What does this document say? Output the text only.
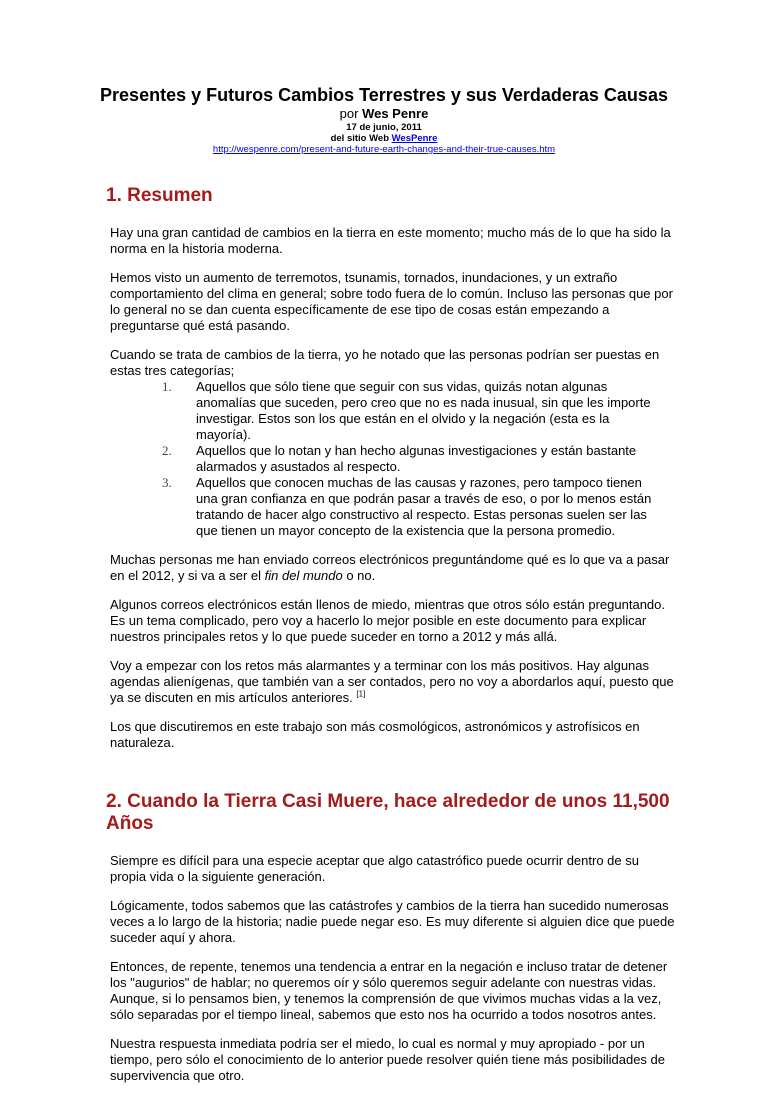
Presentes y Futuros Cambios Terrestres y sus Verdaderas Causas
por Wes Penre
17 de junio, 2011
del sitio Web WesPenre
http://wespenre.com/present-and-future-earth-changes-and-their-true-causes.htm
1. Resumen

Hay una gran cantidad de cambios en la tierra en este momento; mucho más de lo que ha sido la norma en la historia moderna.

Hemos visto un aumento de terremotos, tsunamis, tornados, inundaciones, y un extraño comportamiento del clima en general; sobre todo fuera de lo común. Incluso las personas que por lo general no se dan cuenta específicamente de ese tipo de cosas están empezando a preguntarse qué está pasando.

Cuando se trata de cambios de la tierra, yo he notado que las personas podrían ser puestas en estas tres categorías;
1. Aquellos que sólo tiene que seguir con sus vidas, quizás notan algunas anomalías que suceden, pero creo que no es nada inusual, sin que les importe investigar. Estos son los que están en el olvido y la negación (esta es la mayoría).
2. Aquellos que lo notan y han hecho algunas investigaciones y están bastante alarmados y asustados al respecto.
3. Aquellos que conocen muchas de las causas y razones, pero tampoco tienen una gran confianza en que podrán pasar a través de eso, o por lo menos están tratando de hacer algo constructivo al respecto. Estas personas suelen ser las que tienen un mayor concepto de la existencia que la persona promedio.

Muchas personas me han enviado correos electrónicos preguntándome qué es lo que va a pasar en el 2012, y si va a ser el fin del mundo o no.

Algunos correos electrónicos están llenos de miedo, mientras que otros sólo están preguntando. Es un tema complicado, pero voy a hacerlo lo mejor posible en este documento para explicar nuestros principales retos y lo que puede suceder en torno a 2012 y más allá.

Voy a empezar con los retos más alarmantes y a terminar con los más positivos. Hay algunas agendas alienígenas, que también van a ser contados, pero no voy a abordarlos aquí, puesto que ya se discuten en mis artículos anteriores. [1]

Los que discutiremos en este trabajo son más cosmológicos, astronómicos y astrofísicos en naturaleza.

2. Cuando la Tierra Casi Muere, hace alrededor de unos 11,500 Años

Siempre es difícil para una especie aceptar que algo catastrófico puede ocurrir dentro de su propia vida o la siguiente generación.

Lógicamente, todos sabemos que las catástrofes y cambios de la tierra han sucedido numerosas veces a lo largo de la historia; nadie puede negar eso. Es muy diferente si alguien dice que puede suceder aquí y ahora.

Entonces, de repente, tenemos una tendencia a entrar en la negación e incluso tratar de detener los "augurios" de hablar; no queremos oír y sólo queremos seguir adelante con nuestras vidas. Aunque, si lo pensamos bien, y tenemos la comprensión de que vivimos muchas vidas a la vez, sólo separadas por el tiempo lineal, sabemos que esto nos ha ocurrido a todos nosotros antes.

Nuestra respuesta inmediata podría ser el miedo, lo cual es normal y muy apropiado - por un tiempo, pero sólo el conocimiento de lo anterior puede resolver quién tiene más posibilidades de supervivencia que otro.
